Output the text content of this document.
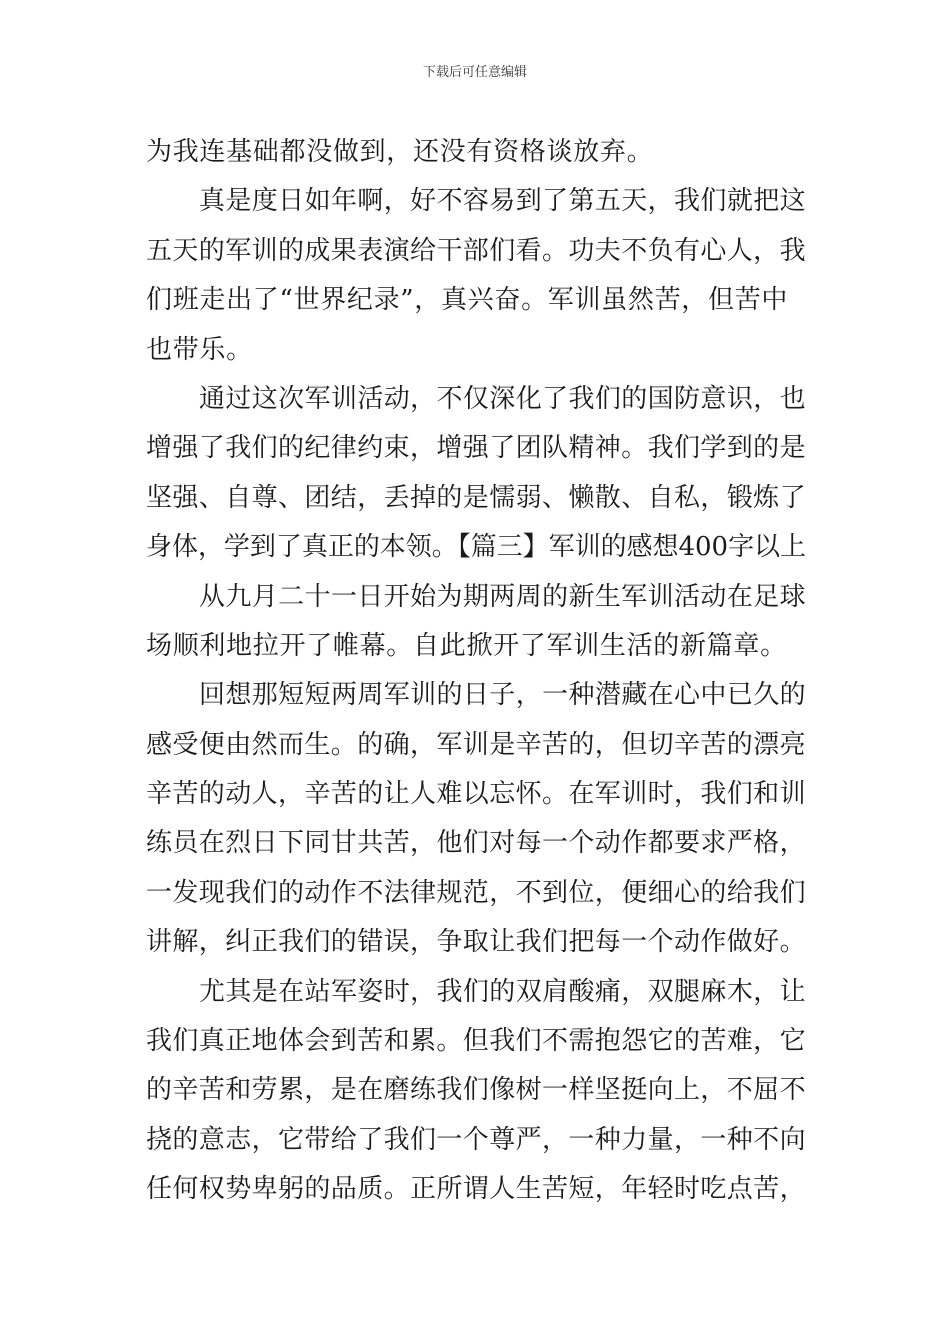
下载后可任意编辑
为我连基础都没做到，还没有资格谈放弃。
真是度日如年啊，好不容易到了第五天，我们就把这
五天的军训的成果表演给干部们看。功夫不负有心人，我
们班走出了“世界纪录”，真兴奋。军训虽然苦，但苦中
也带乐。
通过这次军训活动，不仅深化了我们的国防意识，也
增强了我们的纪律约束，增强了团队精神。我们学到的是
坚强、自尊、团结，丢掉的是懦弱、懒散、自私，锻炼了
身体，学到了真正的本领。【篇三】军训的感想400字以上
从九月二十一日开始为期两周的新生军训活动在足球
场顺利地拉开了帷幕。自此掀开了军训生活的新篇章。
回想那短短两周军训的日子，一种潜藏在心中已久的
感受便由然而生。的确，军训是辛苦的，但切辛苦的漂亮
辛苦的动人，辛苦的让人难以忘怀。在军训时，我们和训
练员在烈日下同甘共苦，他们对每一个动作都要求严格，
一发现我们的动作不法律规范，不到位，便细心的给我们
讲解，纠正我们的错误，争取让我们把每一个动作做好。
尤其是在站军姿时，我们的双肩酸痛，双腿麻木，让
我们真正地体会到苦和累。但我们不需抱怨它的苦难，它
的辛苦和劳累，是在磨练我们像树一样坚挺向上，不屈不
挠的意志，它带给了我们一个尊严，一种力量，一种不向
任何权势卑躬的品质。正所谓人生苦短，年轻时吃点苦，
